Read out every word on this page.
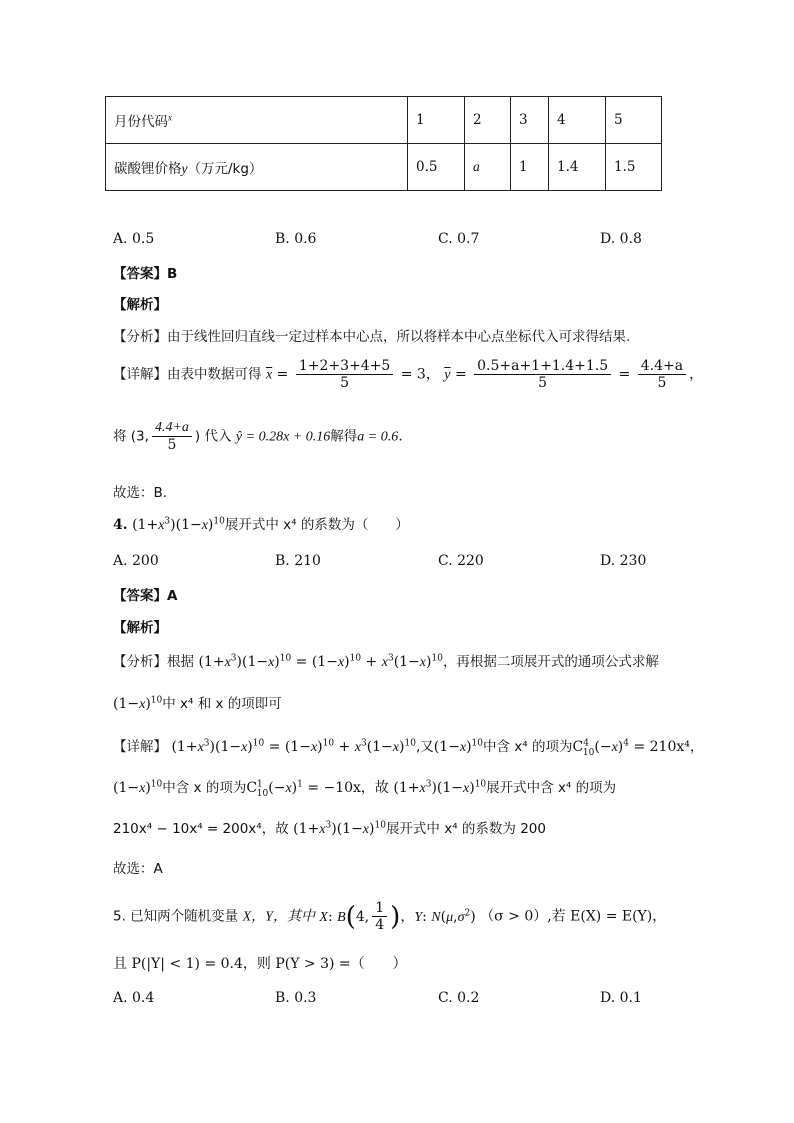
月份代码$^x$	1	2	3	4	5
碳酸锂价格y（万元/kg）	0.5	a	1	1.4	1.5
A. 0.5	B. 0.6	C. 0.7	D. 0.8
【答案】B
【解析】
【分析】由于线性回归直线一定过样本中心点，所以将样本中心点坐标代入可求得结果.
【详解】由表中数据可得 $\overline{x} = \frac{1+2+3+4+5}{5} = 3$， $\overline{y} = \frac{0.5+a+1+1.4+1.5}{5} = \frac{4.4+a}{5}$ ，
将 (3, $\frac{4.4+a}{5}$ ) 代入 ŷ = 0.28x + 0.16解得a = 0.6.
故选：B.
4. $(1+x^3)(1-x)^{10}$展开式中 x⁴ 的系数为（　　）
A. 200	B. 210	C. 220	D. 230
【答案】A
【解析】
【分析】根据 $(1+x^3)(1-x)^{10} = (1-x)^{10} + x^3(1-x)^{10}$，再根据二项展开式的通项公式求解
$(1-x)^{10}$中 x⁴ 和 x 的项即可
【详解】 $(1+x^3)(1-x)^{10} = (1-x)^{10} + x^3(1-x)^{10}$,又$(1-x)^{10}$中含 x⁴ 的项为$C^4_{10}(-x)^4 = 210x^4$，
$(1-x)^{10}$中含 x 的项为$C^1_{10}(-x)^1 = -10x$，故 $(1+x^3)(1-x)^{10}$展开式中含 x⁴ 的项为
210x⁴ − 10x⁴ = 200x⁴，故 $(1+x^3)(1-x)^{10}$展开式中 x⁴ 的系数为 200
故选：A
5. 已知两个随机变量 X，Y，其中 X: B(4, $\frac{1}{4}$ )，Y: $N(\mu,\sigma^2) (\sigma > 0)$,若 E(X) = E(Y)，
且 P(|Y| < 1) = 0.4，则 P(Y > 3) =（　　）
A. 0.4	B. 0.3	C. 0.2	D. 0.1
